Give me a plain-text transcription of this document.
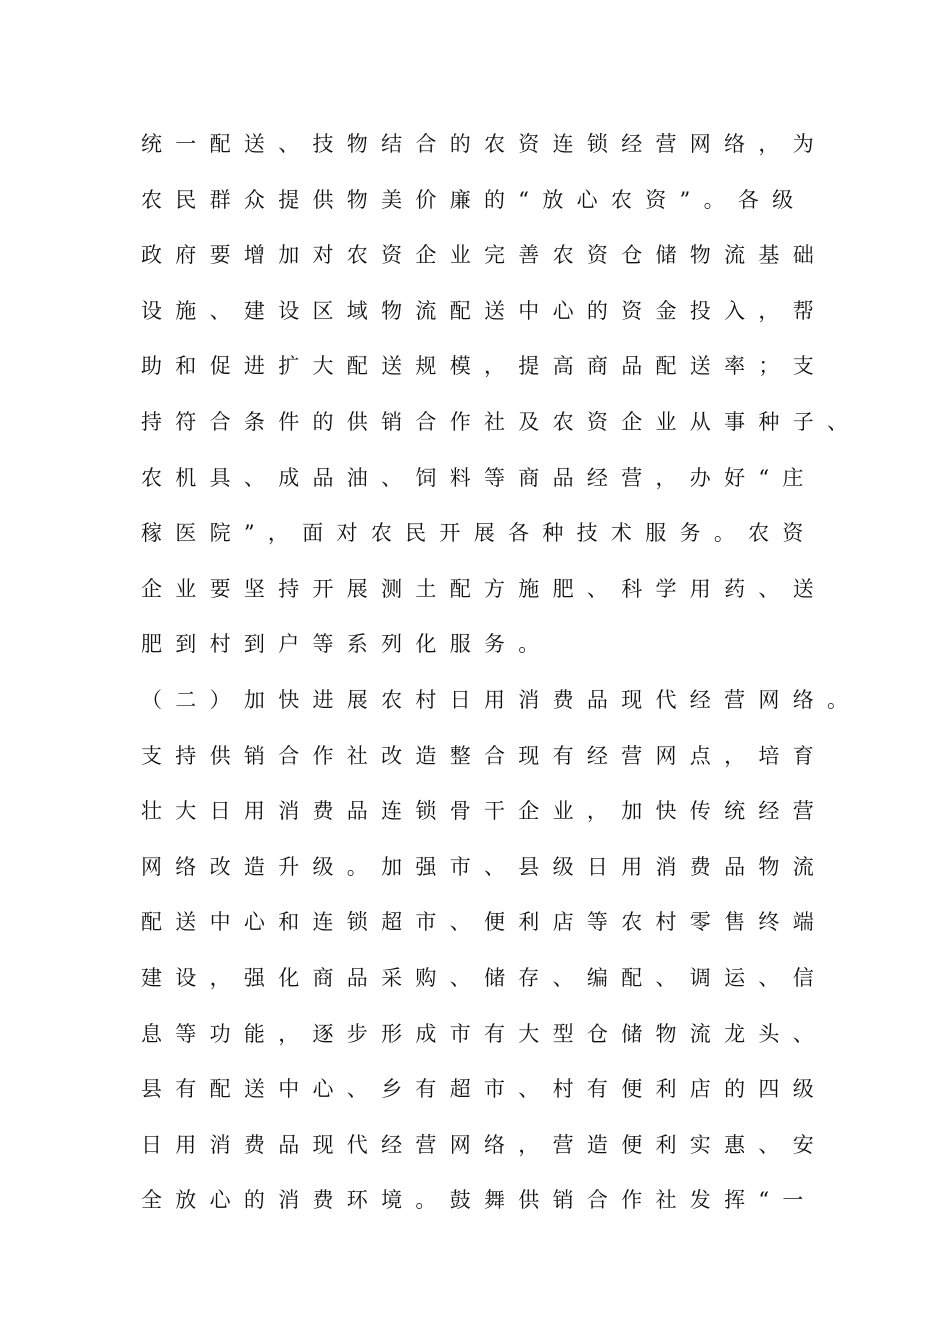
统一配送、技物结合的农资连锁经营网络，为
农民群众提供物美价廉的“放心农资”。各级
政府要增加对农资企业完善农资仓储物流基础
设施、建设区域物流配送中心的资金投入，帮
助和促进扩大配送规模，提高商品配送率；支
持符合条件的供销合作社及农资企业从事种子、
农机具、成品油、饲料等商品经营，办好“庄
稼医院”，面对农民开展各种技术服务。农资
企业要坚持开展测土配方施肥、科学用药、送
肥到村到户等系列化服务。
（二）加快进展农村日用消费品现代经营网络。
支持供销合作社改造整合现有经营网点，培育
壮大日用消费品连锁骨干企业，加快传统经营
网络改造升级。加强市、县级日用消费品物流
配送中心和连锁超市、便利店等农村零售终端
建设，强化商品采购、储存、编配、调运、信
息等功能，逐步形成市有大型仓储物流龙头、
县有配送中心、乡有超市、村有便利店的四级
日用消费品现代经营网络，营造便利实惠、安
全放心的消费环境。鼓舞供销合作社发挥“一
